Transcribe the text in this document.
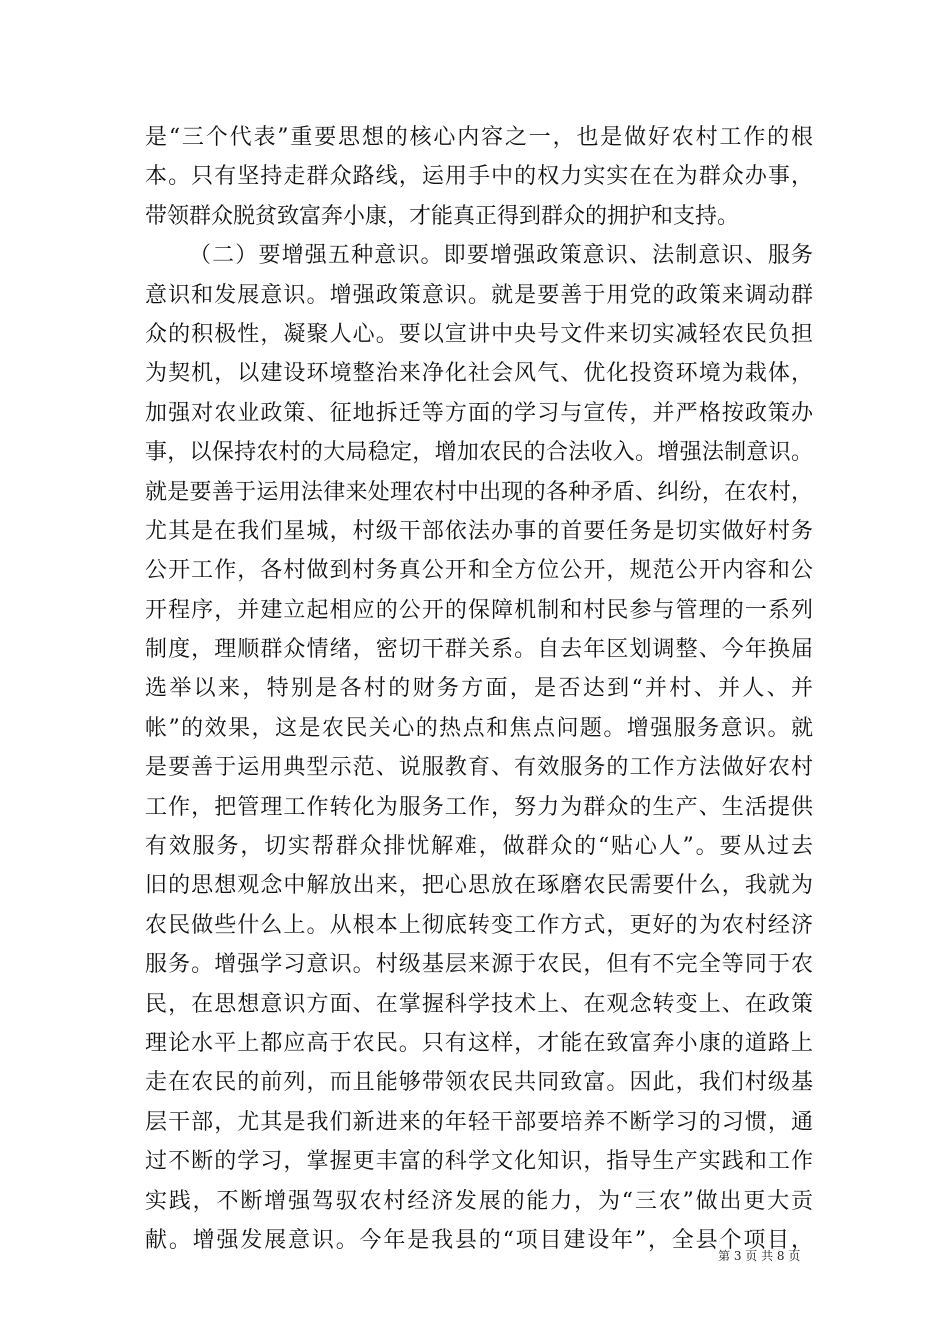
是“三个代表”重要思想的核心内容之一，也是做好农村工作的根
本。只有坚持走群众路线，运用手中的权力实实在在为群众办事，
带领群众脱贫致富奔小康，才能真正得到群众的拥护和支持。
（二）要增强五种意识。即要增强政策意识、法制意识、服务
意识和发展意识。增强政策意识。就是要善于用党的政策来调动群
众的积极性，凝聚人心。要以宣讲中央号文件来切实减轻农民负担
为契机，以建设环境整治来净化社会风气、优化投资环境为栽体，
加强对农业政策、征地拆迁等方面的学习与宣传，并严格按政策办
事，以保持农村的大局稳定，增加农民的合法收入。增强法制意识。
就是要善于运用法律来处理农村中出现的各种矛盾、纠纷，在农村，
尤其是在我们星城，村级干部依法办事的首要任务是切实做好村务
公开工作，各村做到村务真公开和全方位公开，规范公开内容和公
开程序，并建立起相应的公开的保障机制和村民参与管理的一系列
制度，理顺群众情绪，密切干群关系。自去年区划调整、今年换届
选举以来，特别是各村的财务方面，是否达到“并村、并人、并
帐”的效果，这是农民关心的热点和焦点问题。增强服务意识。就
是要善于运用典型示范、说服教育、有效服务的工作方法做好农村
工作，把管理工作转化为服务工作，努力为群众的生产、生活提供
有效服务，切实帮群众排忧解难，做群众的“贴心人”。要从过去
旧的思想观念中解放出来，把心思放在琢磨农民需要什么，我就为
农民做些什么上。从根本上彻底转变工作方式，更好的为农村经济
服务。增强学习意识。村级基层来源于农民，但有不完全等同于农
民，在思想意识方面、在掌握科学技术上、在观念转变上、在政策
理论水平上都应高于农民。只有这样，才能在致富奔小康的道路上
走在农民的前列，而且能够带领农民共同致富。因此，我们村级基
层干部，尤其是我们新进来的年轻干部要培养不断学习的习惯，通
过不断的学习，掌握更丰富的科学文化知识，指导生产实践和工作
实践，不断增强驾驭农村经济发展的能力，为“三农”做出更大贡
献。增强发展意识。今年是我县的“项目建设年”，全县个项目，
第 3 页 共 8 页
